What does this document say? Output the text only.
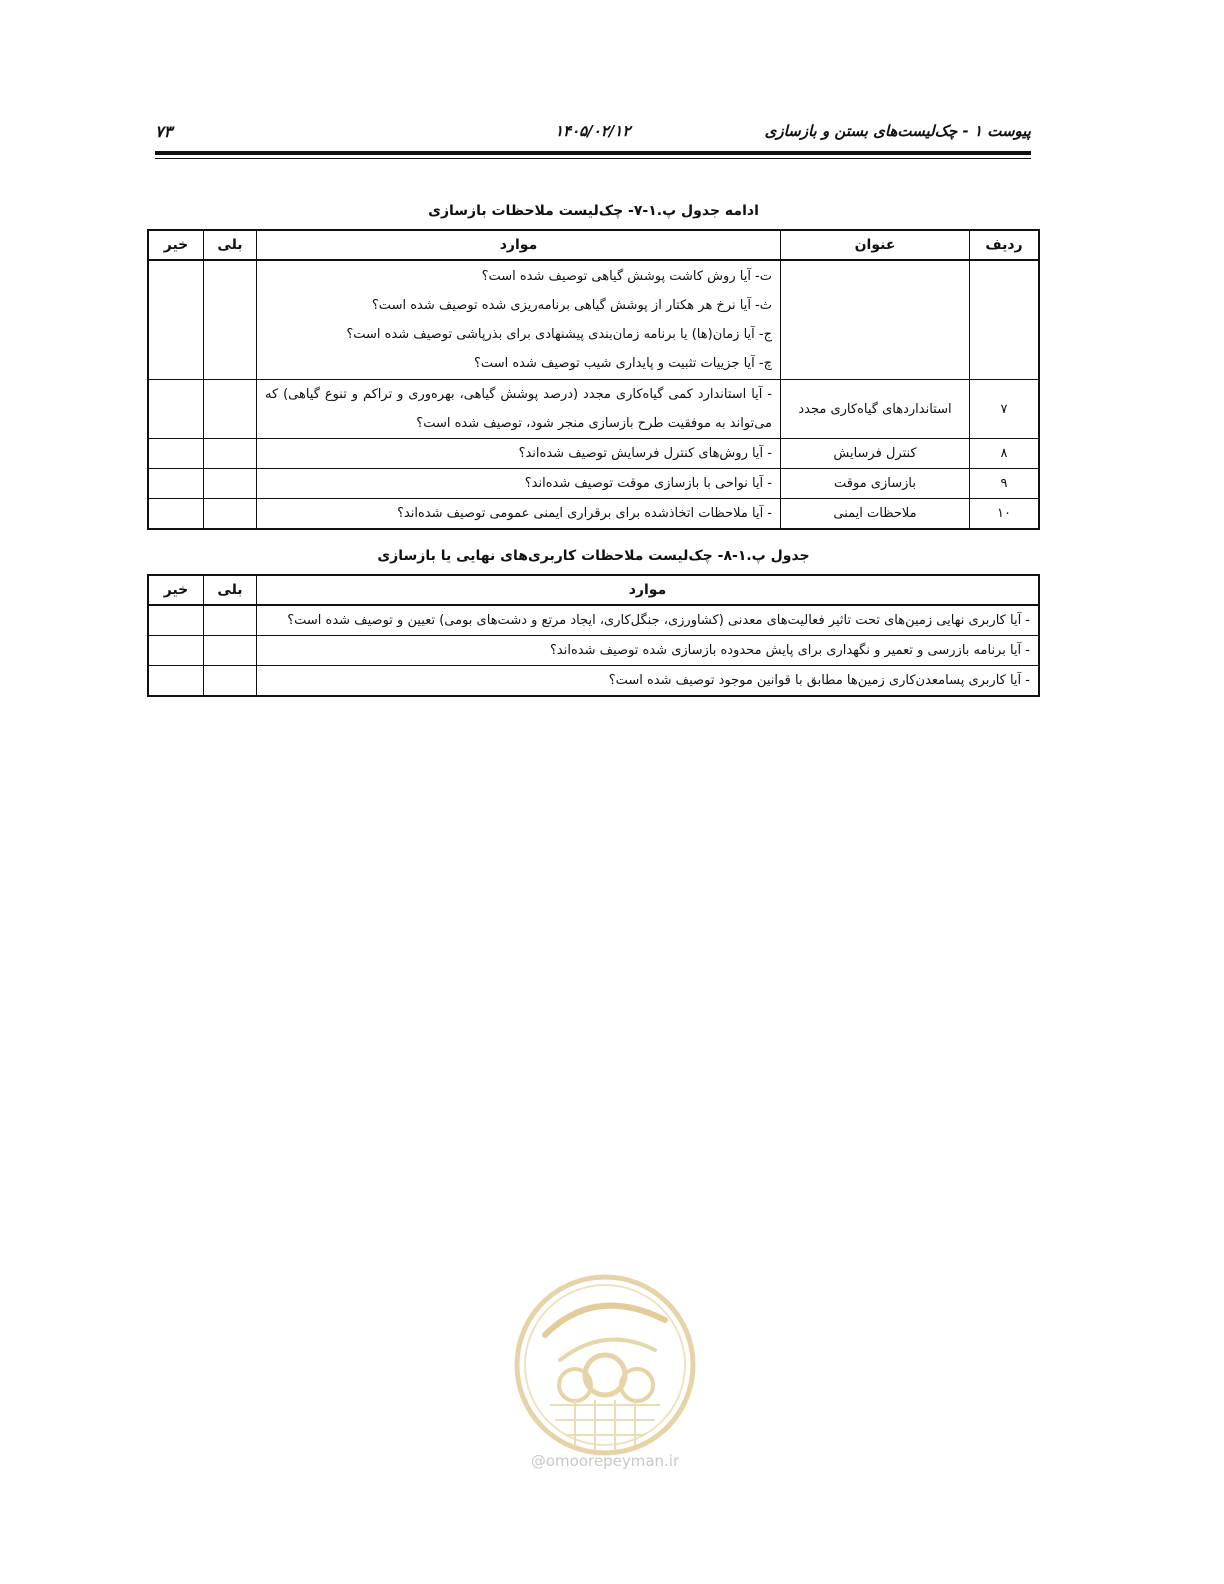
پیوست ۱ - چک‌لیست‌های بستن و بازسازی
۱۴۰۵/۰۲/۱۲
۷۳
ادامه جدول پ.۱-۷- چک‌لیست ملاحظات بازسازی
ردیف	عنوان	موارد	بلی	خیر

		ت- آیا روش کاشت پوشش گیاهی توصیف شده است؟
ث- آیا نرخ هر هکتار از پوشش گیاهی برنامه‌ریزی شده توصیف شده است؟
ج- آیا زمان(ها) یا برنامه زمان‌بندی پیشنهادی برای بذرپاشی توصیف شده است؟
چ- آیا جزییات تثبیت و پایداری شیب توصیف شده است؟		

۷	استانداردهای گیاه‌کاری مجدد	- آیا استاندارد کمی گیاه‌کاری مجدد (درصد پوشش گیاهی، بهره‌وری و تراکم و تنوع گیاهی) که می‌تواند به موفقیت طرح بازسازی منجر شود، توصیف شده است؟		
۸	کنترل فرسایش	- آیا روش‌های کنترل فرسایش توصیف شده‌اند؟		
۹	بازسازی موقت	- آیا نواحی با بازسازی موقت توصیف شده‌اند؟		
۱۰	ملاحظات ایمنی	- آیا ملاحظات اتخاذشده برای برقراری ایمنی عمومی توصیف شده‌اند؟		
جدول پ.۱-۸- چک‌لیست ملاحظات کاربری‌های نهایی یا بازسازی
موارد	بلی	خیر
- آیا کاربری نهایی زمین‌های تحت تاثیر فعالیت‌های معدنی (کشاورزی، جنگل‌کاری، ایجاد مرتع و دشت‌های بومی) تعیین و توصیف شده است؟		
- آیا برنامه بازرسی و تعمیر و نگهداری برای پایش محدوده بازسازی شده توصیف شده‌اند؟		
- آیا کاربری پسامعدن‌کاری زمین‌ها مطابق با قوانین موجود توصیف شده است؟		
@omoorepeyman.ir
